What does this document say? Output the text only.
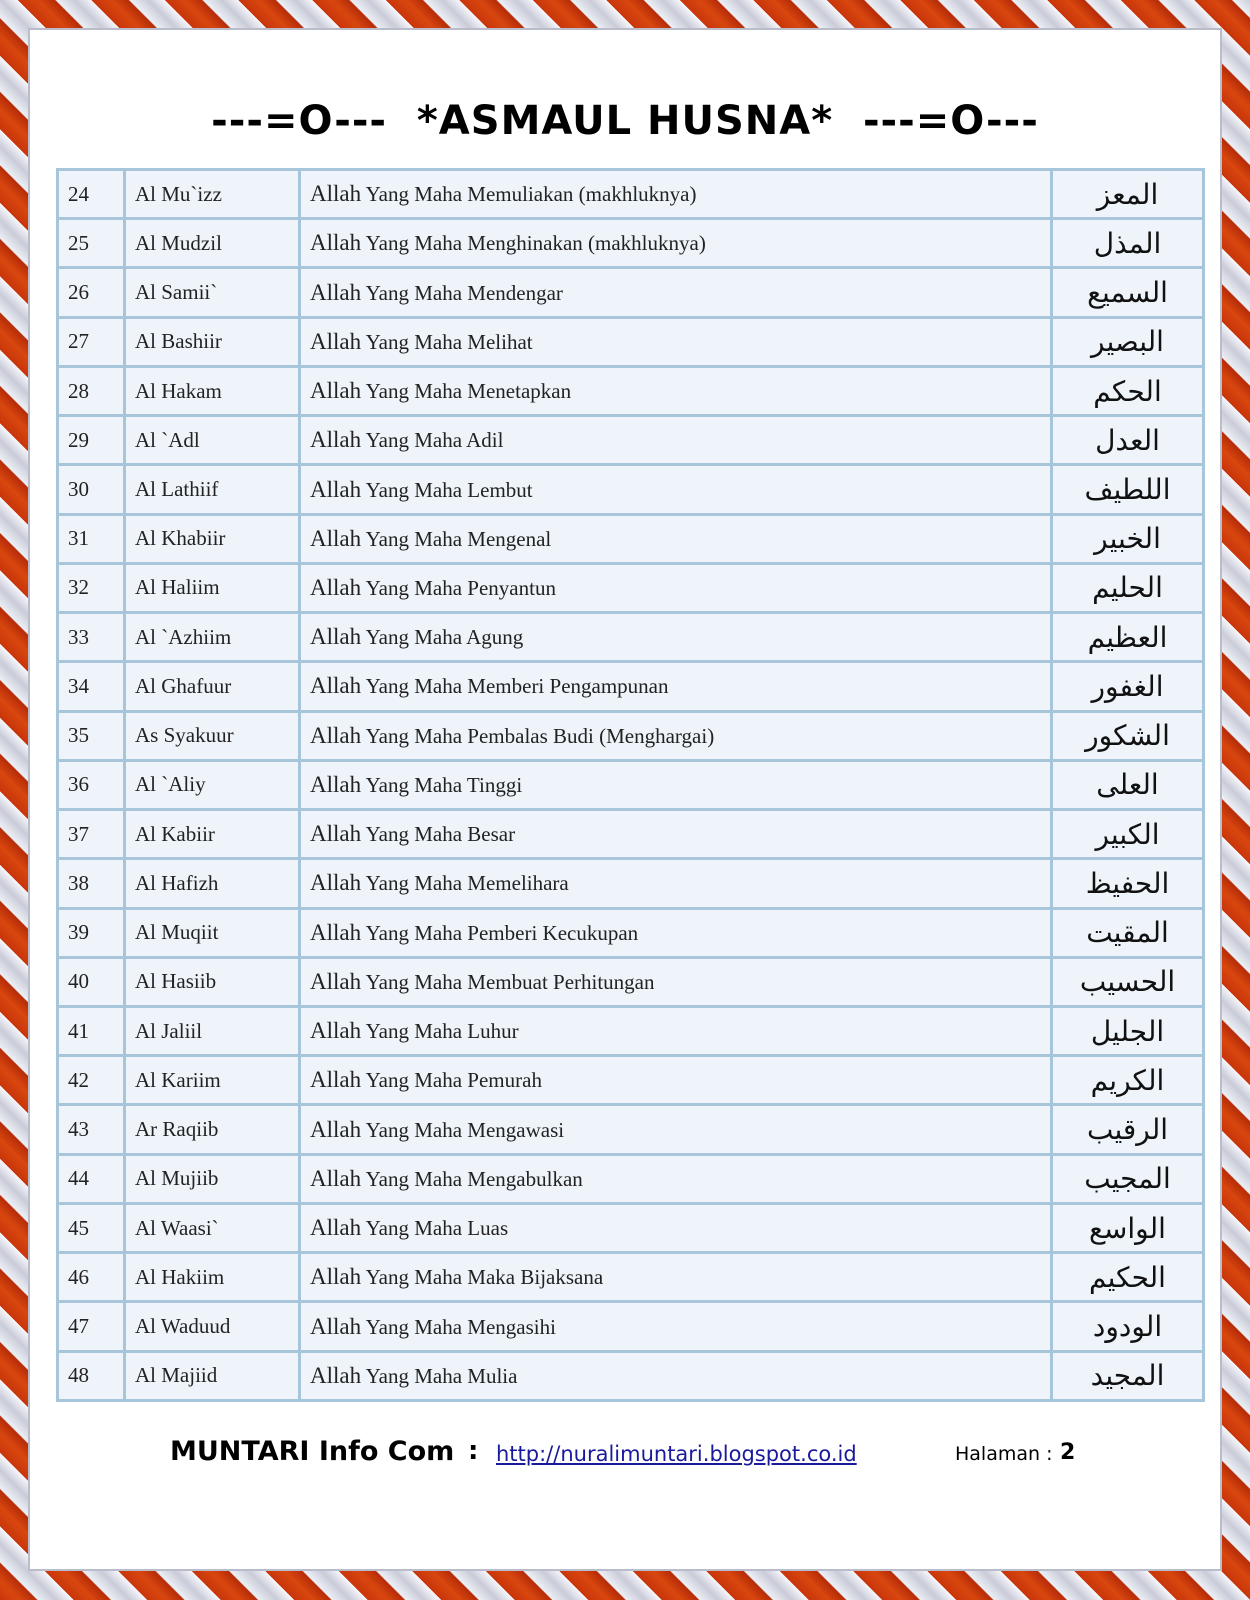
---=O---  *ASMAUL HUSNA*  ---=O---
24	Al Mu`izz	Allah Yang Maha Memuliakan (makhluknya)	المعز
25	Al Mudzil	Allah Yang Maha Menghinakan (makhluknya)	المذل
26	Al Samii`	Allah Yang Maha Mendengar	السميع
27	Al Bashiir	Allah Yang Maha Melihat	البصير
28	Al Hakam	Allah Yang Maha Menetapkan	الحكم
29	Al `Adl	Allah Yang Maha Adil	العدل
30	Al Lathiif	Allah Yang Maha Lembut	اللطيف
31	Al Khabiir	Allah Yang Maha Mengenal	الخبير
32	Al Haliim	Allah Yang Maha Penyantun	الحليم
33	Al `Azhiim	Allah Yang Maha Agung	العظيم
34	Al Ghafuur	Allah Yang Maha Memberi Pengampunan	الغفور
35	As Syakuur	Allah Yang Maha Pembalas Budi (Menghargai)	الشكور
36	Al `Aliy	Allah Yang Maha Tinggi	العلى
37	Al Kabiir	Allah Yang Maha Besar	الكبير
38	Al Hafizh	Allah Yang Maha Memelihara	الحفيظ
39	Al Muqiit	Allah Yang Maha Pemberi Kecukupan	المقيت
40	Al Hasiib	Allah Yang Maha Membuat Perhitungan	الحسيب
41	Al Jaliil	Allah Yang Maha Luhur	الجليل
42	Al Kariim	Allah Yang Maha Pemurah	الكريم
43	Ar Raqiib	Allah Yang Maha Mengawasi	الرقيب
44	Al Mujiib	Allah Yang Maha Mengabulkan	المجيب
45	Al Waasi`	Allah Yang Maha Luas	الواسع
46	Al Hakiim	Allah Yang Maha Maka Bijaksana	الحكيم
47	Al Waduud	Allah Yang Maha Mengasihi	الودود
48	Al Majiid	Allah Yang Maha Mulia	المجيد
MUNTARI Info Com : http://nuralimuntari.blogspot.co.id	Halaman : 2
